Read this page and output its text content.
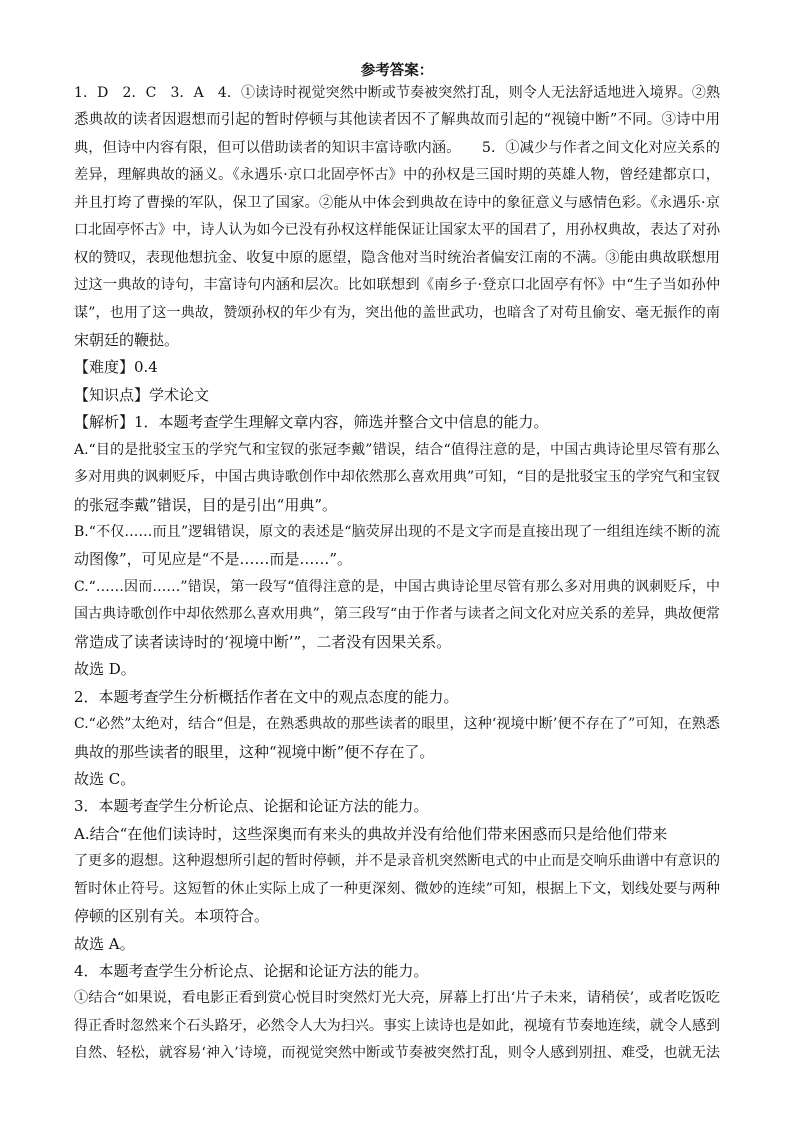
参考答案：
1．D　2．C　3．A　4．①读诗时视觉突然中断或节奏被突然打乱，则令人无法舒适地进入境界。②熟
悉典故的读者因遐想而引起的暂时停顿与其他读者因不了解典故而引起的“视镜中断”不同。③诗中用
典，但诗中内容有限，但可以借助读者的知识丰富诗歌内涵。　　5．①减少与作者之间文化对应关系的
差异，理解典故的涵义。《永遇乐·京口北固亭怀古》中的孙权是三国时期的英雄人物，曾经建都京口，
并且打垮了曹操的军队，保卫了国家。②能从中体会到典故在诗中的象征意义与感情色彩。《永遇乐·京
口北固亭怀古》中，诗人认为如今已没有孙权这样能保证让国家太平的国君了，用孙权典故，表达了对孙
权的赞叹，表现他想抗金、收复中原的愿望，隐含他对当时统治者偏安江南的不满。③能由典故联想用
过这一典故的诗句，丰富诗句内涵和层次。比如联想到《南乡子·登京口北固亭有怀》中“生子当如孙仲
谋”，也用了这一典故，赞颂孙权的年少有为，突出他的盖世武功，也暗含了对苟且偷安、毫无振作的南
宋朝廷的鞭挞。
【难度】0.4
【知识点】学术论文
【解析】1．本题考查学生理解文章内容，筛选并整合文中信息的能力。
A.“目的是批驳宝玉的学究气和宝钗的张冠李戴”错误，结合“值得注意的是，中国古典诗论里尽管有那么
多对用典的讽刺贬斥，中国古典诗歌创作中却依然那么喜欢用典”可知，“目的是批驳宝玉的学究气和宝钗
的张冠李戴”错误，目的是引出“用典”。
B.“不仅……而且”逻辑错误，原文的表述是“脑荧屏出现的不是文字而是直接出现了一组组连续不断的流
动图像”，可见应是“不是……而是……”。
C.“……因而……”错误，第一段写“值得注意的是，中国古典诗论里尽管有那么多对用典的讽刺贬斥，中
国古典诗歌创作中却依然那么喜欢用典”，第三段写“由于作者与读者之间文化对应关系的差异，典故便常
常造成了读者读诗时的‘视境中断’”，二者没有因果关系。
故选 D。
2．本题考查学生分析概括作者在文中的观点态度的能力。
C.“必然”太绝对，结合“但是，在熟悉典故的那些读者的眼里，这种‘视境中断’便不存在了”可知，在熟悉
典故的那些读者的眼里，这种“视境中断”便不存在了。
故选 C。
3．本题考查学生分析论点、论据和论证方法的能力。
A.结合“在他们读诗时，这些深奥而有来头的典故并没有给他们带来困惑而只是给他们带来
了更多的遐想。这种遐想所引起的暂时停顿，并不是录音机突然断电式的中止而是交响乐曲谱中有意识的
暂时休止符号。这短暂的休止实际上成了一种更深刻、微妙的连续”可知，根据上下文，划线处要与两种
停顿的区别有关。本项符合。
故选 A。
4．本题考查学生分析论点、论据和论证方法的能力。
①结合“如果说，看电影正看到赏心悦目时突然灯光大亮，屏幕上打出‘片子未来，请稍侯’，或者吃饭吃
得正香时忽然来个石头路牙，必然令人大为扫兴。事实上读诗也是如此，视境有节奏地连续，就令人感到
自然、轻松，就容易‘神入’诗境，而视觉突然中断或节奏被突然打乱，则令人感到别扭、难受，也就无法
